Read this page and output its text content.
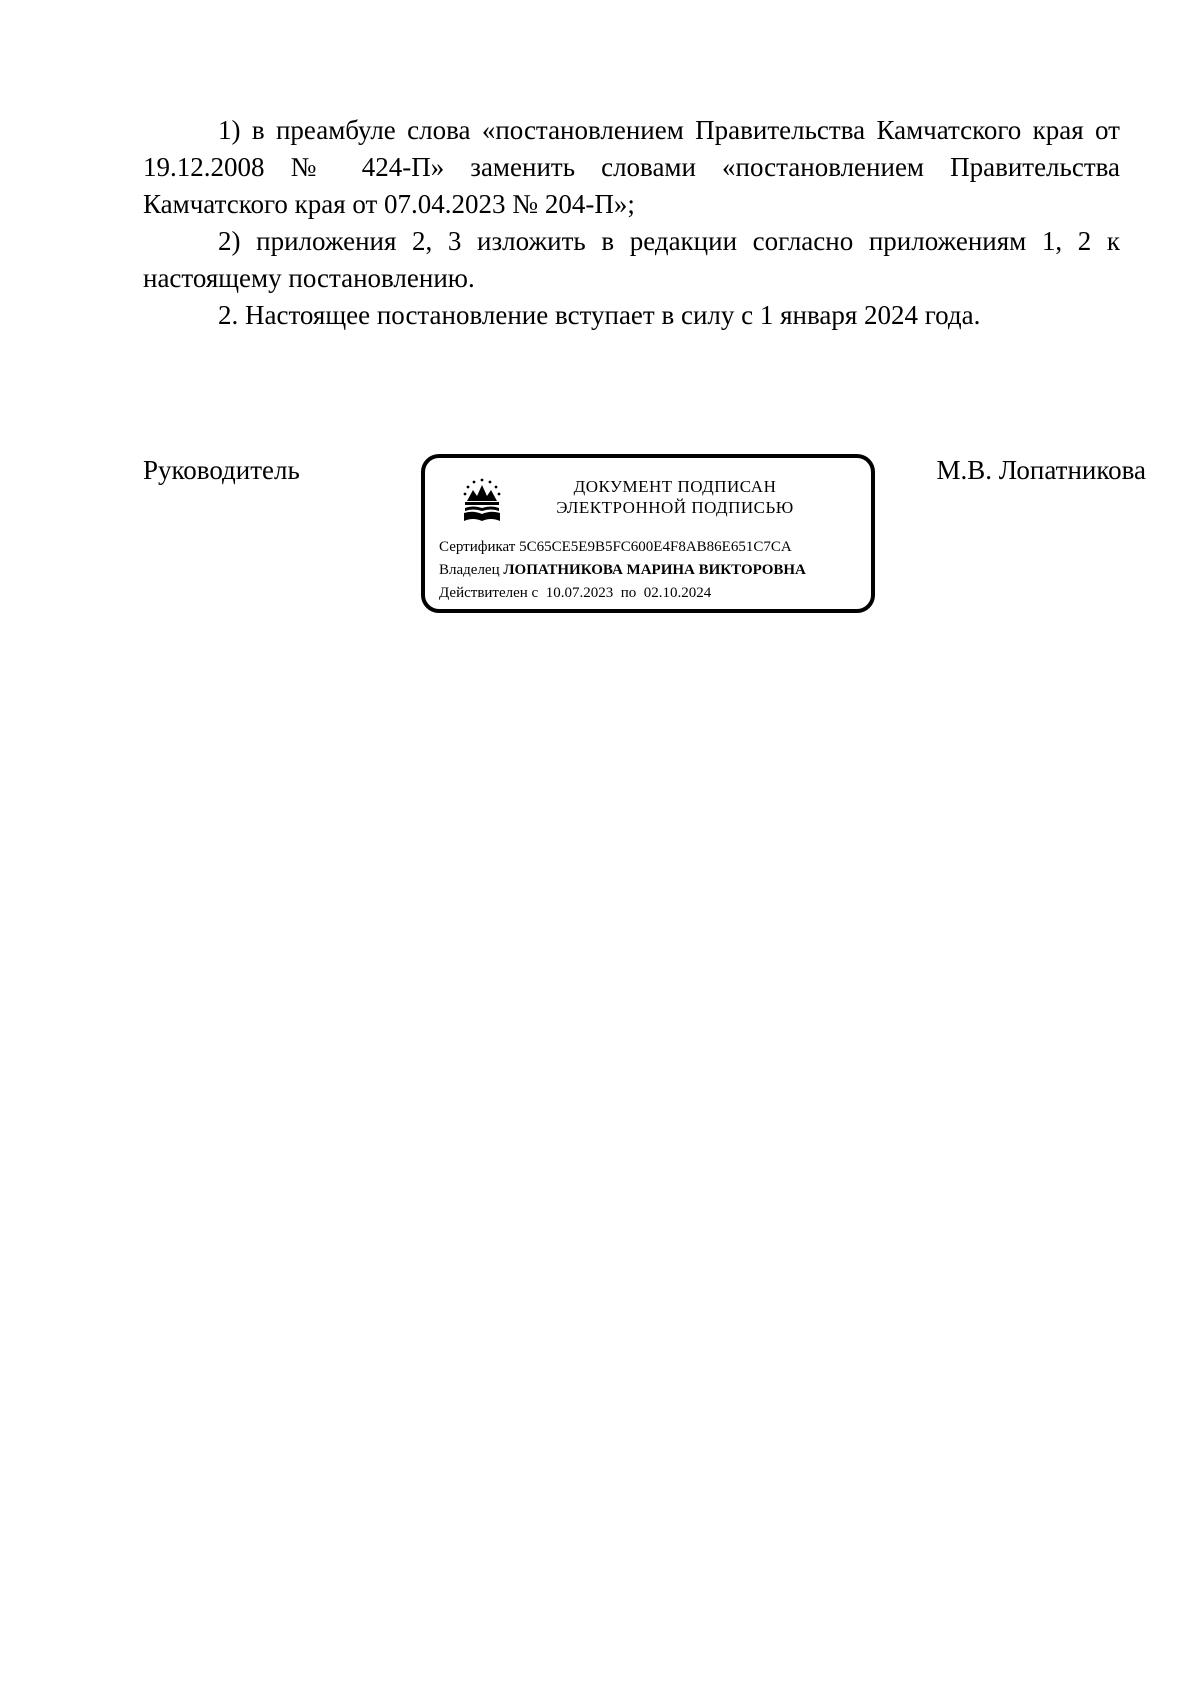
1) в преамбуле слова «постановлением Правительства Камчатского края от 19.12.2008 № 424-П» заменить словами «постановлением Правительства Камчатского края от 07.04.2023 № 204-П»;

2) приложения 2, 3 изложить в редакции согласно приложениям 1, 2 к настоящему постановлению.

2. Настоящее постановление вступает в силу с 1 января 2024 года.

Руководитель
ДОКУМЕНТ ПОДПИСАН
ЭЛЕКТРОННОЙ ПОДПИСЬЮ
Сертификат 5C65CE5E9B5FC600E4F8AB86E651C7CA
Владелец ЛОПАТНИКОВА МАРИНА ВИКТОРОВНА
Действителен с 10.07.2023 по 02.10.2024
М.В. Лопатникова
